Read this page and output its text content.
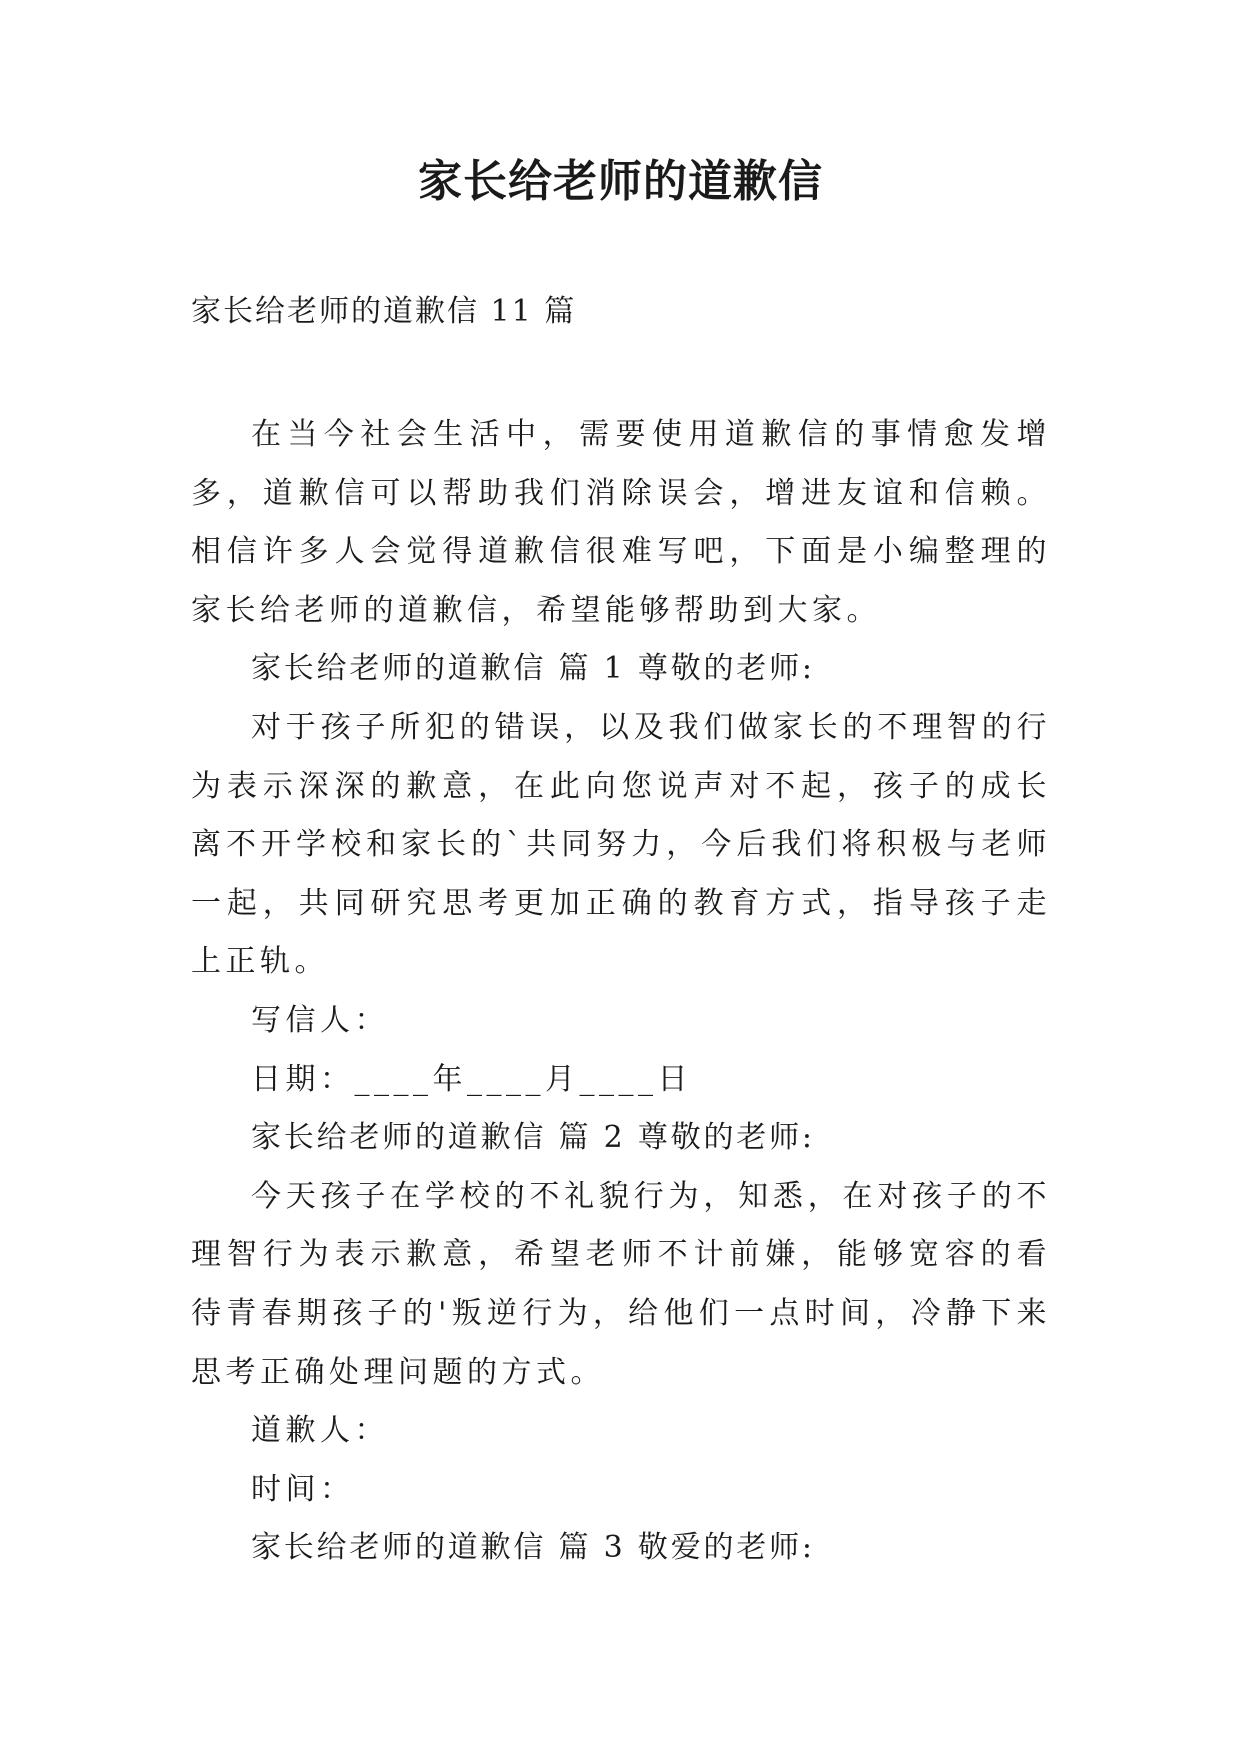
家长给老师的道歉信
家长给老师的道歉信 11 篇

在当今社会生活中，需要使用道歉信的事情愈发增多，道歉信可以帮助我们消除误会，增进友谊和信赖。相信许多人会觉得道歉信很难写吧，下面是小编整理的家长给老师的道歉信，希望能够帮助到大家。

家长给老师的道歉信 篇 1 尊敬的老师:

对于孩子所犯的错误，以及我们做家长的不理智的行为表示深深的歉意，在此向您说声对不起，孩子的成长离不开学校和家长的`共同努力，今后我们将积极与老师一起，共同研究思考更加正确的教育方式，指导孩子走上正轨。

写信人：

日期：____年____月____日

家长给老师的道歉信 篇 2 尊敬的老师:

今天孩子在学校的不礼貌行为，知悉，在对孩子的不理智行为表示歉意，希望老师不计前嫌，能够宽容的看待青春期孩子的'叛逆行为，给他们一点时间，冷静下来思考正确处理问题的方式。

道歉人：

时间：

家长给老师的道歉信 篇 3 敬爱的老师:
